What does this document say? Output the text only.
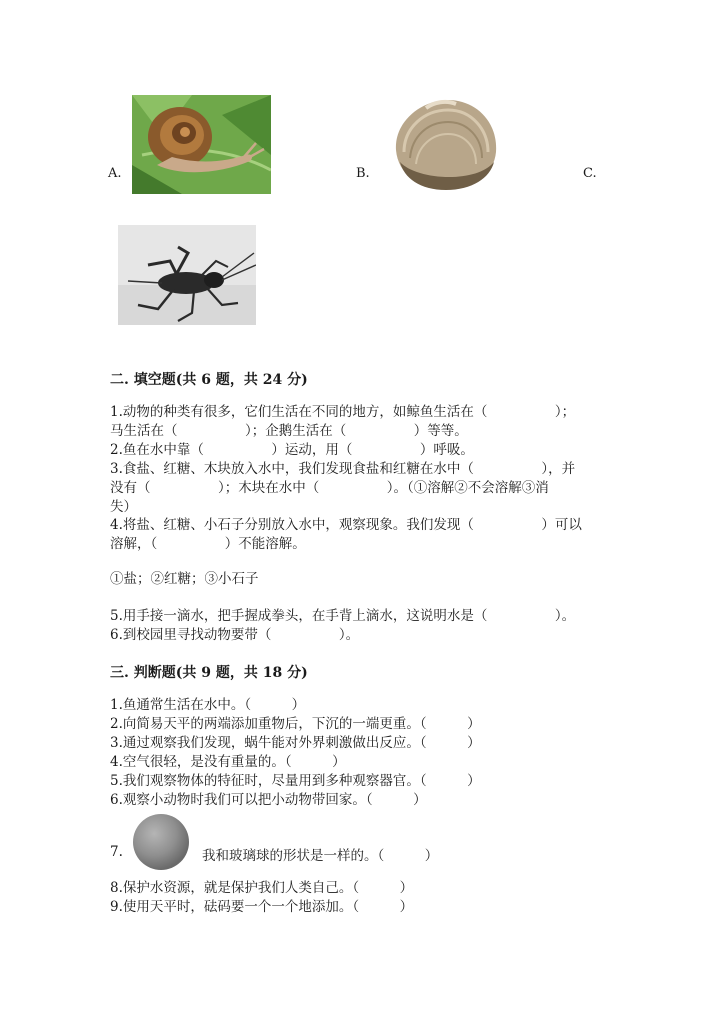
A.	B.	C.
二. 填空题(共 6 题，共 24 分)
1.动物的种类有很多，它们生活在不同的地方，如鲸鱼生活在（　　　　　）；
马生活在（　　　　　）；企鹅生活在（　　　　　）等等。
2.鱼在水中靠（　　　　　）运动，用（　　　　　）呼吸。
3.食盐、红糖、木块放入水中，我们发现食盐和红糖在水中（　　　　　），并
没有（　　　　　）；木块在水中（　　　　　）。（①溶解②不会溶解③消
失）
4.将盐、红糖、小石子分别放入水中，观察现象。我们发现（　　　　　）可以
溶解，（　　　　　）不能溶解。
①盐；②红糖；③小石子
5.用手接一滴水，把手握成拳头，在手背上滴水，这说明水是（　　　　　）。
6.到校园里寻找动物要带（　　　　　）。
三. 判断题(共 9 题，共 18 分)
1.鱼通常生活在水中。（　　　）
2.向简易天平的两端添加重物后，下沉的一端更重。（　　　）
3.通过观察我们发现，蜗牛能对外界刺激做出反应。（　　　）
4.空气很轻，是没有重量的。（　　　）
5.我们观察物体的特征时，尽量用到多种观察器官。（　　　）
6.观察小动物时我们可以把小动物带回家。（　　　）
7.	我和玻璃球的形状是一样的。（　　　）
8.保护水资源，就是保护我们人类自己。（　　　）
9.使用天平时，砝码要一个一个地添加。（　　　）
